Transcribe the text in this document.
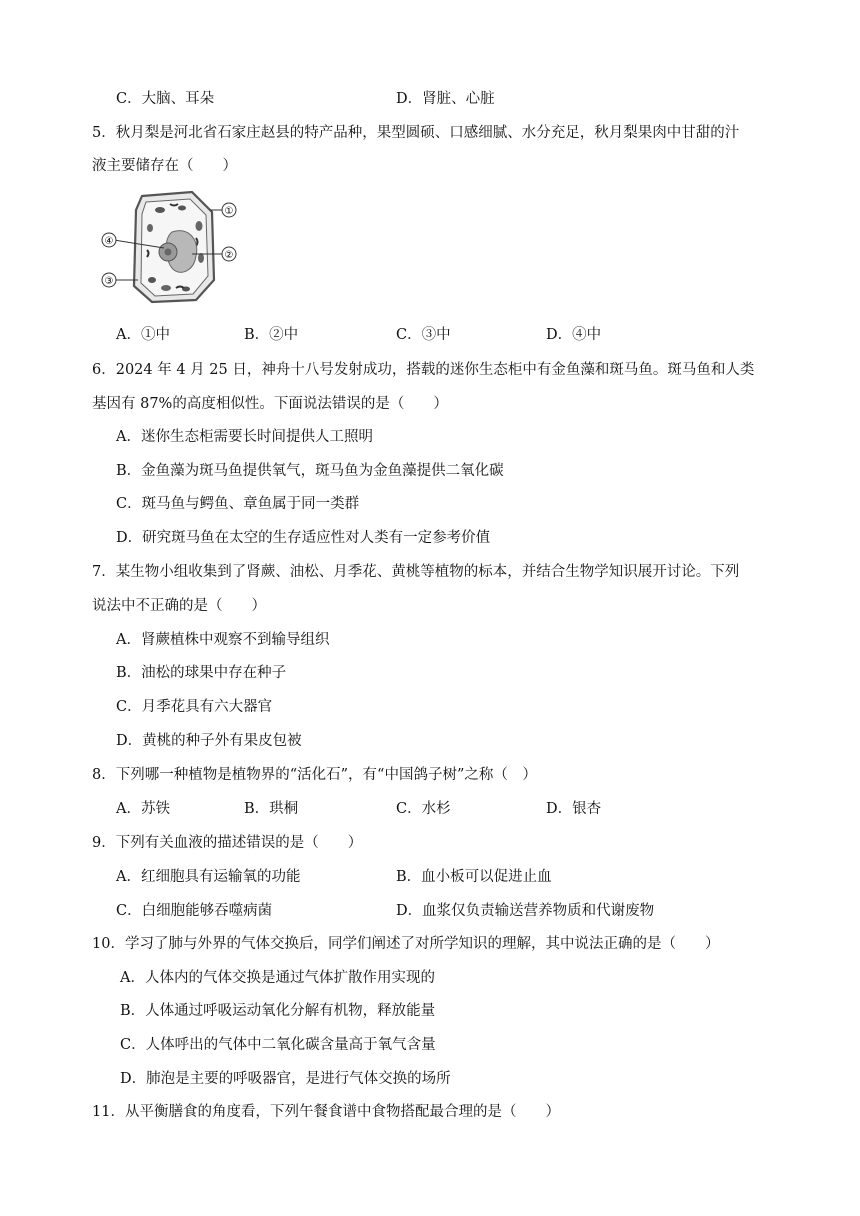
C．大脑、耳朵	D．肾脏、心脏
5．秋月梨是河北省石家庄赵县的特产品种，果型圆硕、口感细腻、水分充足，秋月梨果肉中甘甜的汁
液主要储存在（　　）
①
②
③
④
A．①中	B．②中	C．③中	D．④中
6．2024 年 4 月 25 日，神舟十八号发射成功，搭载的迷你生态柜中有金鱼藻和斑马鱼。斑马鱼和人类
基因有 87%的高度相似性。下面说法错误的是（　　）
A．迷你生态柜需要长时间提供人工照明
B．金鱼藻为斑马鱼提供氧气，斑马鱼为金鱼藻提供二氧化碳
C．斑马鱼与鳄鱼、章鱼属于同一类群
D．研究斑马鱼在太空的生存适应性对人类有一定参考价值
7．某生物小组收集到了肾蕨、油松、月季花、黄桃等植物的标本，并结合生物学知识展开讨论。下列
说法中不正确的是（　　）
A．肾蕨植株中观察不到输导组织
B．油松的球果中存在种子
C．月季花具有六大器官
D．黄桃的种子外有果皮包被
8．下列哪一种植物是植物界的“活化石”，有“中国鸽子树”之称（　）
A．苏铁	B．珙桐	C．水杉	D．银杏
9．下列有关血液的描述错误的是（　　）
A．红细胞具有运输氧的功能	B．血小板可以促进止血
C．白细胞能够吞噬病菌	D．血浆仅负责输送营养物质和代谢废物
10．学习了肺与外界的气体交换后，同学们阐述了对所学知识的理解，其中说法正确的是（　　）
A．人体内的气体交换是通过气体扩散作用实现的
B．人体通过呼吸运动氧化分解有机物，释放能量
C．人体呼出的气体中二氧化碳含量高于氧气含量
D．肺泡是主要的呼吸器官，是进行气体交换的场所
11．从平衡膳食的角度看，下列午餐食谱中食物搭配最合理的是（　　）
